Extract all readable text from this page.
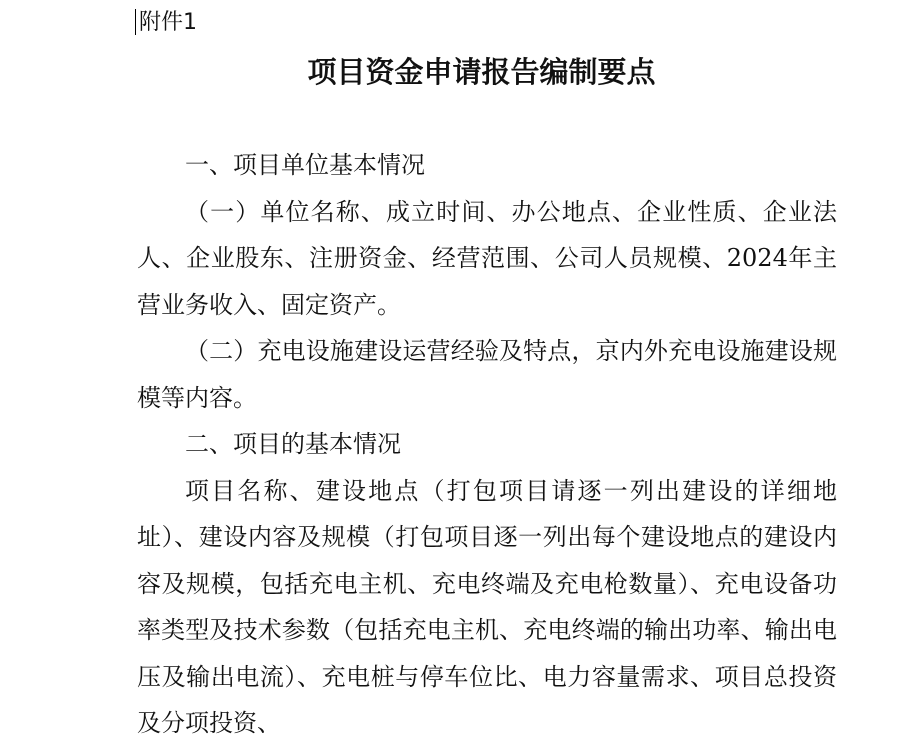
附件1
项目资金申请报告编制要点

一、项目单位基本情况

（一）单位名称、成立时间、办公地点、企业性质、企业法人、企业股东、注册资金、经营范围、公司人员规模、2024年主营业务收入、固定资产。

（二）充电设施建设运营经验及特点，京内外充电设施建设规模等内容。

二、项目的基本情况

项目名称、建设地点（打包项目请逐一列出建设的详细地址）、建设内容及规模（打包项目逐一列出每个建设地点的建设内容及规模，包括充电主机、充电终端及充电枪数量）、充电设备功率类型及技术参数（包括充电主机、充电终端的输出功率、输出电压及输出电流）、充电桩与停车位比、电力容量需求、项目总投资及分项投资、
